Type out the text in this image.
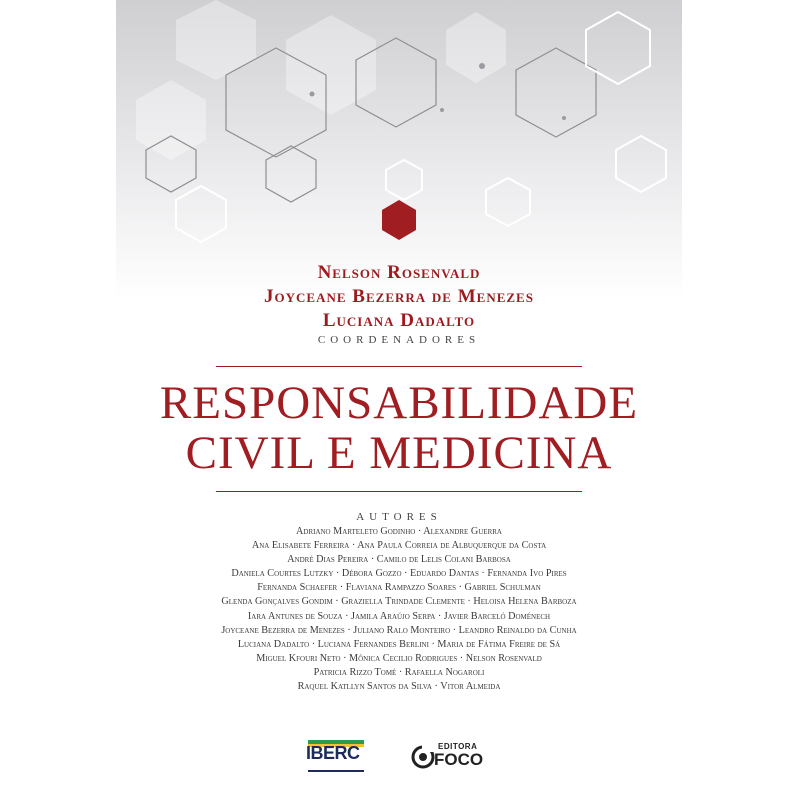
Nelson Rosenvald
Joyceane Bezerra de Menezes
Luciana Dadalto
COORDENADORES
RESPONSABILIDADE
CIVIL E MEDICINA
AUTORES
Adriano Marteleto Godinho · Alexandre Guerra
Ana Elisabete Ferreira · Ana Paula Correia de Albuquerque da Costa
André Dias Pereira · Camilo de Lelis Colani Barbosa
Daniela Courtes Lutzky · Débora Gozzo · Eduardo Dantas · Fernanda Ivo Pires
Fernanda Schaefer · Flaviana Rampazzo Soares · Gabriel Schulman
Glenda Gonçalves Gondim · Graziella Trindade Clemente · Heloisa Helena Barboza
Iara Antunes de Souza · Jamila Araújo Serpa · Javier Barceló Doménech
Joyceane Bezerra de Menezes · Juliano Ralo Monteiro · Leandro Reinaldo da Cunha
Luciana Dadalto · Luciana Fernandes Berlini · Maria de Fátima Freire de Sá
Miguel Kfouri Neto · Mônica Cecilio Rodrigues · Nelson Rosenvald
Patricia Rizzo Tomé · Rafaella Nogaroli
Raquel Katllyn Santos da Silva · Vitor Almeida
IBERC	EDITORA
FOCO
